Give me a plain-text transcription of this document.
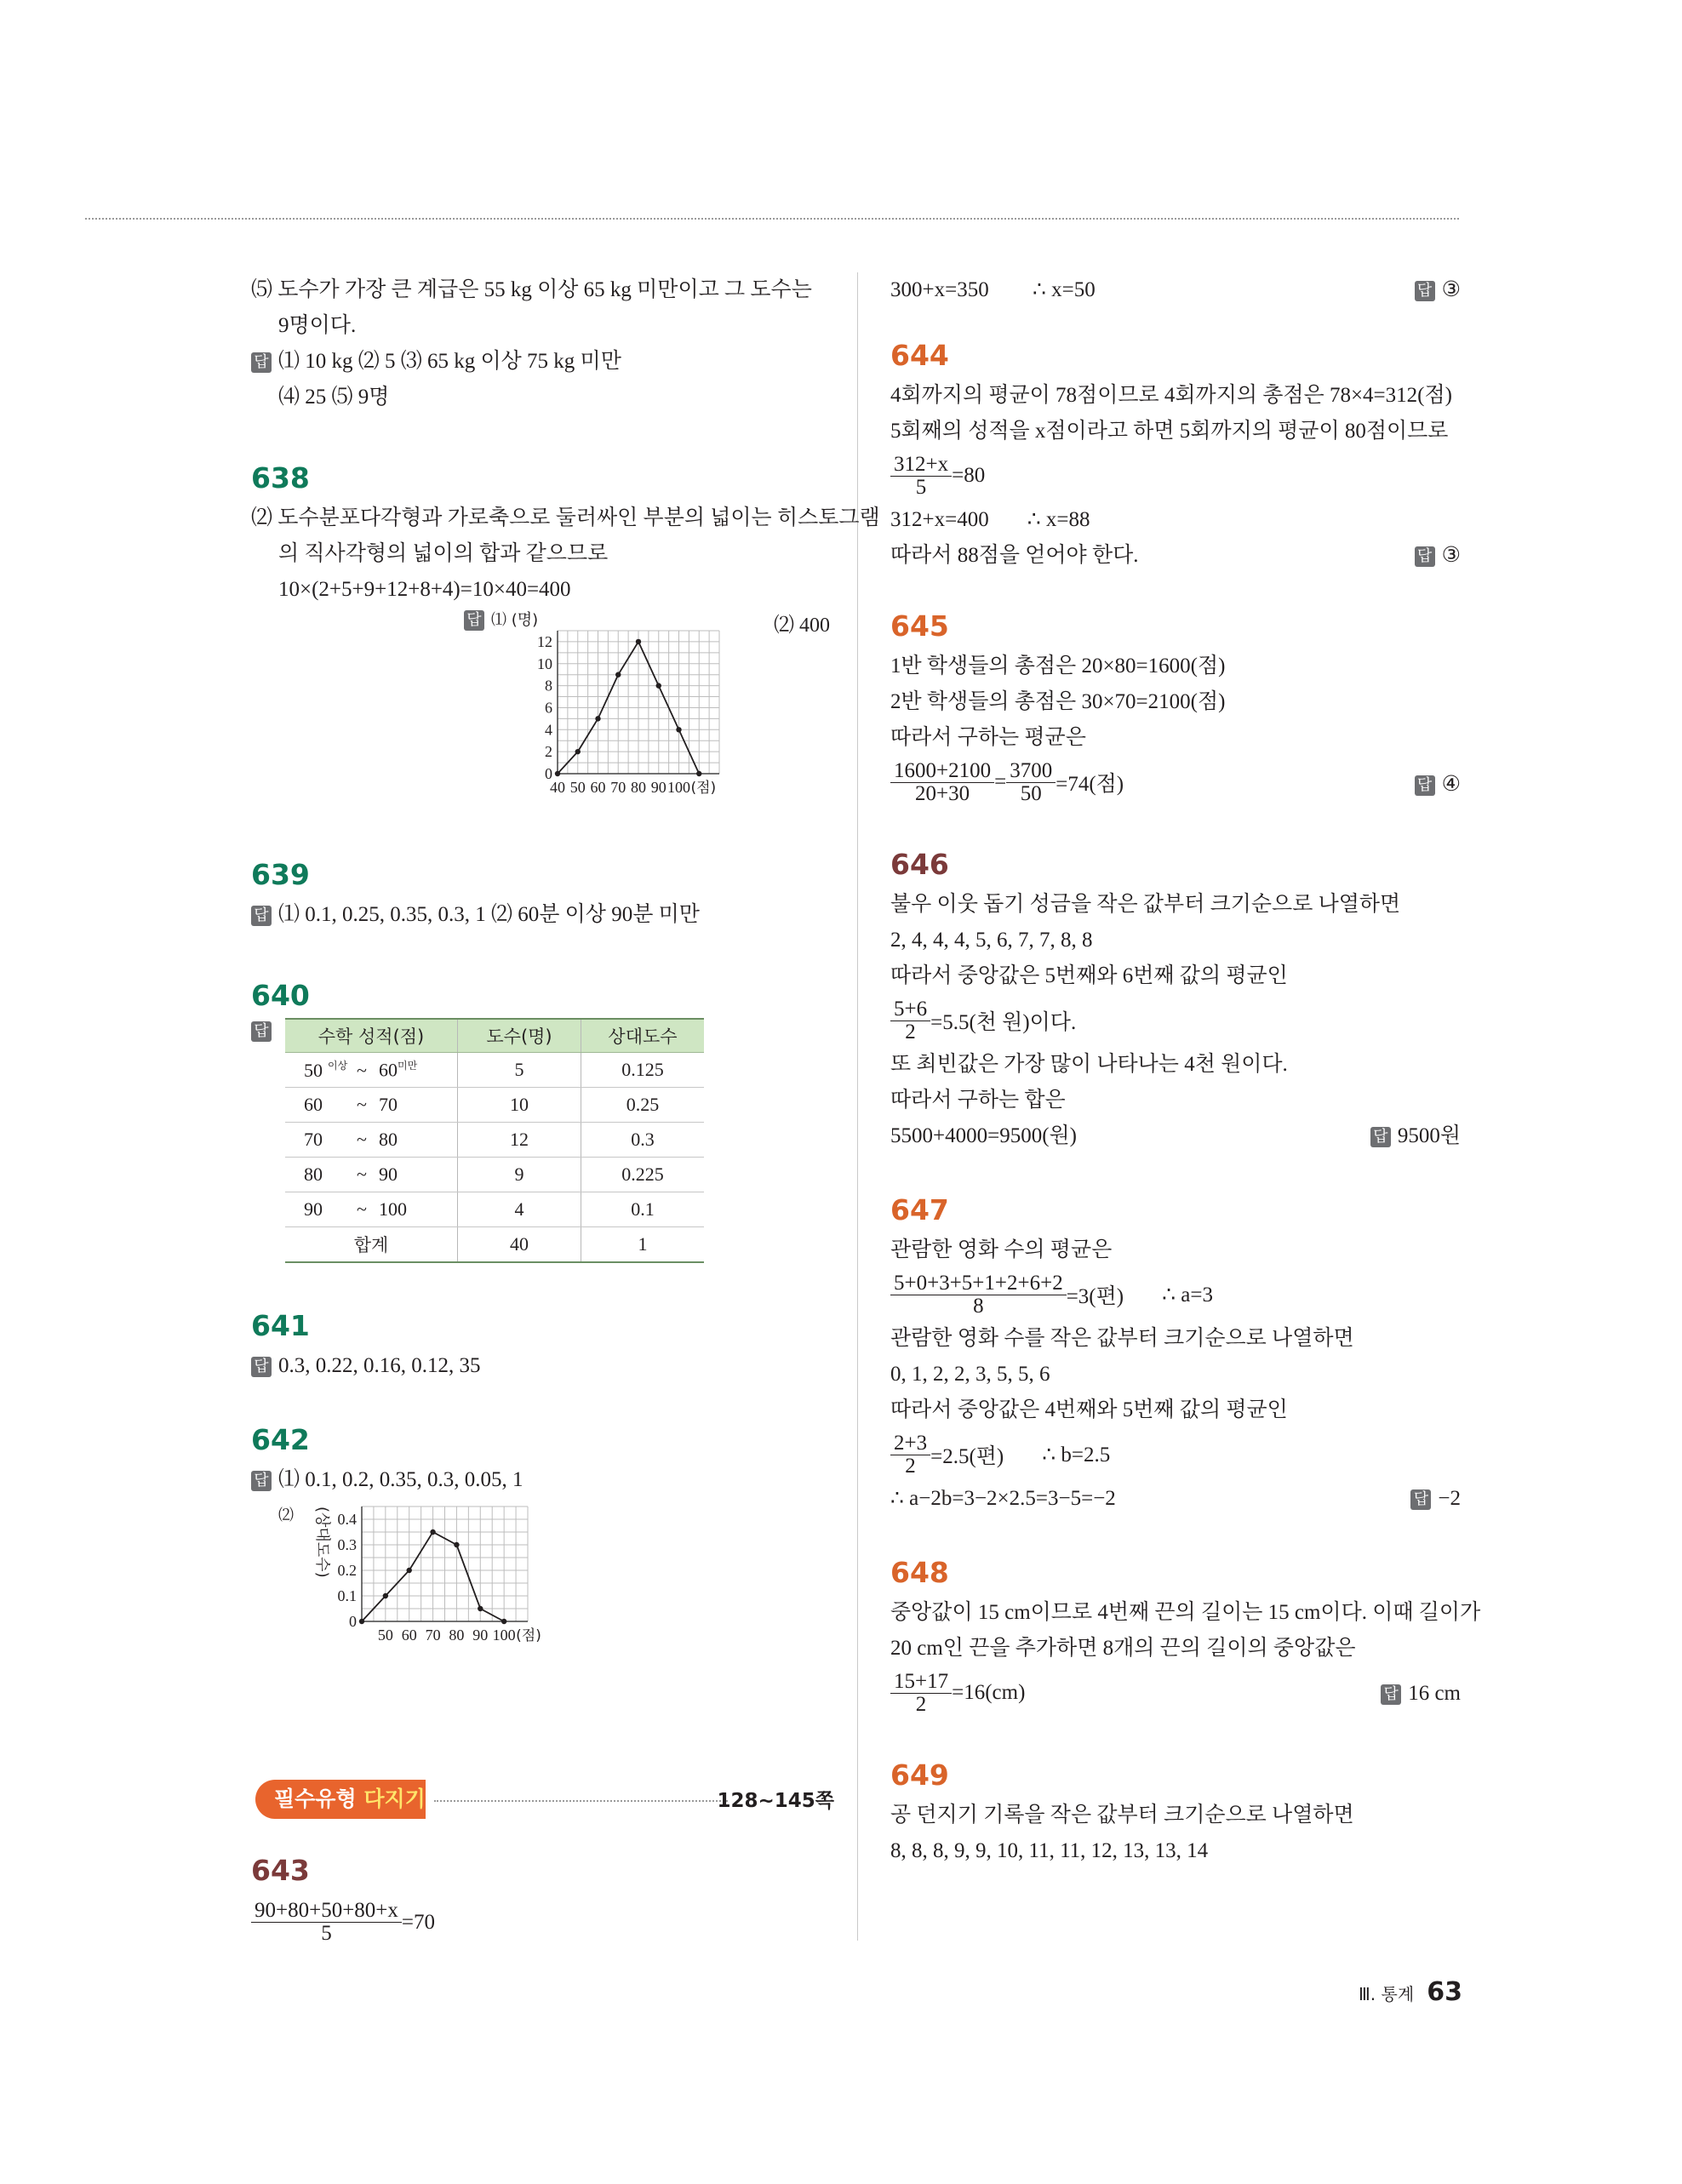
⑸ 도수가 가장 큰 계급은 55 kg 이상 65 kg 미만이고 그 도수는
9명이다.
답 ⑴ 10 kg ⑵ 5 ⑶ 65 kg 이상 75 kg 미만
⑷ 25 ⑸ 9명
638
⑵ 도수분포다각형과 가로축으로 둘러싸인 부분의 넓이는 히스토그램
의 직사각형의 넓이의 합과 같으므로
10×(2+5+9+12+8+4)=10×40=400
답 ⑴ (명)	⑵ 400
0
2
4
6
8
10
12
40 50 60 70 80 90 100 (점)
639
답 ⑴ 0.1, 0.25, 0.35, 0.3, 1 ⑵ 60분 이상 90분 미만
640
답	수학 성적(점)	도수(명)	상대도수
50 $^{이상}$ ~ $60^{미만}$	5	0.125
60 ~ 70	10	0.25
70 ~ 80	12	0.3
80 ~ 90	9	0.225
90 ~ 100	4	0.1
합계	40	1
641
답 0.3, 0.22, 0.16, 0.12, 35
642
답 ⑴ 0.1, 0.2, 0.35, 0.3, 0.05, 1
⑵
0
0.1
0.2
0.3
0.4
50 60 70 80 90 100 (점)
(상대도수)
필수유형 다지기	128~145쪽
643
$\frac{90+80+50+80+x}{5} =70$
300+x=350 ∴ x=50	답 ③
644
4회까지의 평균이 78점이므로 4회까지의 총점은 78×4=312(점)
5회째의 성적을 x점이라고 하면 5회까지의 평균이 80점이므로
$\frac{312+x}{5} =80$
312+x=400 ∴ x=88
따라서 88점을 얻어야 한다.	답 ③
645
1반 학생들의 총점은 20×80=1600(점)
2반 학생들의 총점은 30×70=2100(점)
따라서 구하는 평균은
$\frac{1600+2100}{20+30} = \frac{3700}{50} =74$(점)	답 ④
646
불우 이웃 돕기 성금을 작은 값부터 크기순으로 나열하면
2, 4, 4, 4, 5, 6, 7, 7, 8, 8
따라서 중앙값은 5번째와 6번째 값의 평균인
$\frac{5+6}{2} =5.5$(천 원)이다.
또 최빈값은 가장 많이 나타나는 4천 원이다.
따라서 구하는 합은
5500+4000=9500(원)	답 9500원
647
관람한 영화 수의 평균은
$\frac{5+0+3+5+1+2+6+2}{8} =3$(편) ∴ a=3
관람한 영화 수를 작은 값부터 크기순으로 나열하면
0, 1, 2, 2, 3, 5, 5, 6
따라서 중앙값은 4번째와 5번째 값의 평균인
$\frac{2+3}{2} =2.5$(편) ∴ b=2.5
∴ a−2b=3−2×2.5=3−5=−2	답 −2
648
중앙값이 15 cm이므로 4번째 끈의 길이는 15 cm이다. 이때 길이가
20 cm인 끈을 추가하면 8개의 끈의 길이의 중앙값은
$\frac{15+17}{2} =16(cm)$	답 16 cm
649
공 던지기 기록을 작은 값부터 크기순으로 나열하면
8, 8, 8, 9, 9, 10, 11, 11, 12, 13, 13, 14
Ⅲ. 통계 63
